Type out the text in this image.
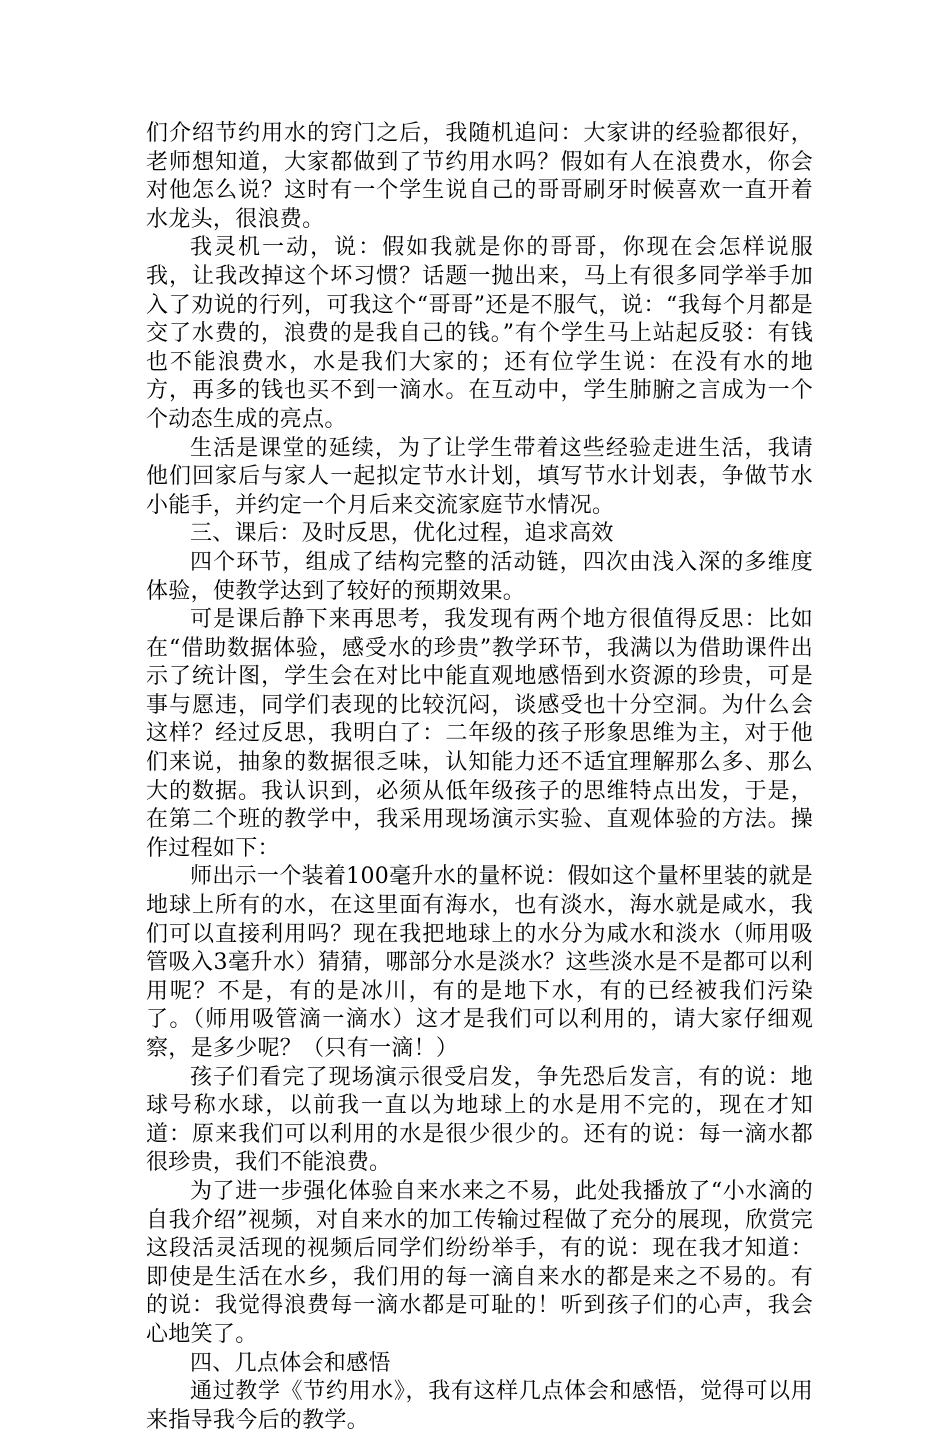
们介绍节约用水的窍门之后，我随机追问：大家讲的经验都很好，老师想知道，大家都做到了节约用水吗？假如有人在浪费水，你会对他怎么说？这时有一个学生说自己的哥哥刷牙时候喜欢一直开着水龙头，很浪费。

我灵机一动，说：假如我就是你的哥哥，你现在会怎样说服我，让我改掉这个坏习惯？话题一抛出来，马上有很多同学举手加入了劝说的行列，可我这个“哥哥”还是不服气，说：“我每个月都是交了水费的，浪费的是我自己的钱。”有个学生马上站起反驳：有钱也不能浪费水，水是我们大家的；还有位学生说：在没有水的地方，再多的钱也买不到一滴水。在互动中，学生肺腑之言成为一个个动态生成的亮点。

生活是课堂的延续，为了让学生带着这些经验走进生活，我请他们回家后与家人一起拟定节水计划，填写节水计划表，争做节水小能手，并约定一个月后来交流家庭节水情况。

三、课后：及时反思，优化过程，追求高效

四个环节，组成了结构完整的活动链，四次由浅入深的多维度体验，使教学达到了较好的预期效果。

可是课后静下来再思考，我发现有两个地方很值得反思：比如在“借助数据体验，感受水的珍贵”教学环节，我满以为借助课件出示了统计图，学生会在对比中能直观地感悟到水资源的珍贵，可是事与愿违，同学们表现的比较沉闷，谈感受也十分空洞。为什么会这样？经过反思，我明白了：二年级的孩子形象思维为主，对于他们来说，抽象的数据很乏味，认知能力还不适宜理解那么多、那么大的数据。我认识到，必须从低年级孩子的思维特点出发，于是，在第二个班的教学中，我采用现场演示实验、直观体验的方法。操作过程如下：

师出示一个装着100毫升水的量杯说：假如这个量杯里装的就是地球上所有的水，在这里面有海水，也有淡水，海水就是咸水，我们可以直接利用吗？现在我把地球上的水分为咸水和淡水（师用吸管吸入3毫升水）猜猜，哪部分水是淡水？这些淡水是不是都可以利用呢？不是，有的是冰川，有的是地下水，有的已经被我们污染了。（师用吸管滴一滴水）这才是我们可以利用的，请大家仔细观察，是多少呢？（只有一滴！）

孩子们看完了现场演示很受启发，争先恐后发言，有的说：地球号称水球，以前我一直以为地球上的水是用不完的，现在才知道：原来我们可以利用的水是很少很少的。还有的说：每一滴水都很珍贵，我们不能浪费。

为了进一步强化体验自来水来之不易，此处我播放了“小水滴的自我介绍”视频，对自来水的加工传输过程做了充分的展现，欣赏完这段活灵活现的视频后同学们纷纷举手，有的说：现在我才知道：即使是生活在水乡，我们用的每一滴自来水的都是来之不易的。有的说：我觉得浪费每一滴水都是可耻的！听到孩子们的心声，我会心地笑了。

四、几点体会和感悟

通过教学《节约用水》，我有这样几点体会和感悟，觉得可以用来指导我今后的教学。
